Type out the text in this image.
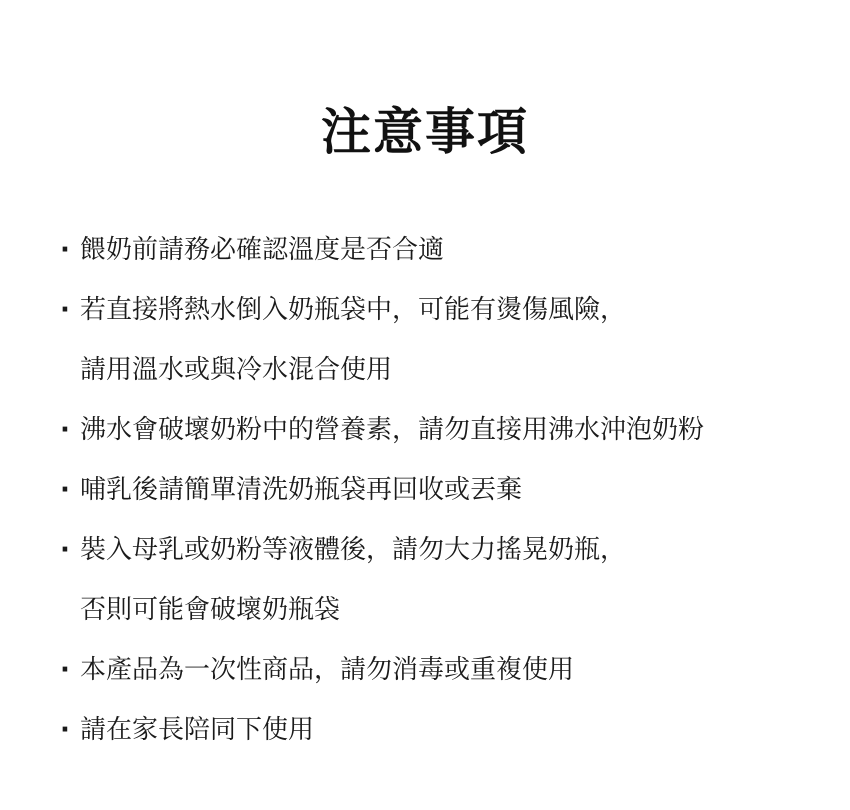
注意事項
· 餵奶前請務必確認溫度是否合適
· 若直接將熱水倒入奶瓶袋中，可能有燙傷風險，
請用溫水或與冷水混合使用
· 沸水會破壞奶粉中的營養素，請勿直接用沸水沖泡奶粉
· 哺乳後請簡單清洗奶瓶袋再回收或丟棄
· 裝入母乳或奶粉等液體後，請勿大力搖晃奶瓶，
否則可能會破壞奶瓶袋
· 本產品為一次性商品，請勿消毒或重複使用
· 請在家長陪同下使用
